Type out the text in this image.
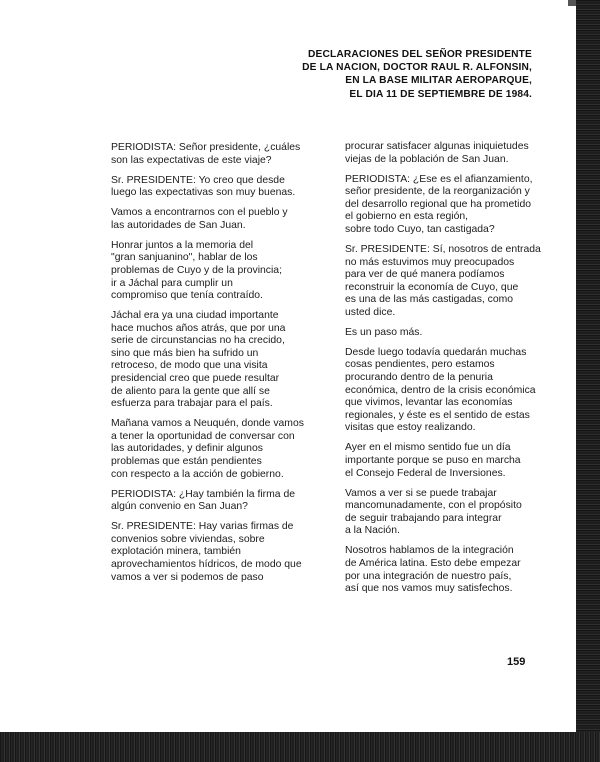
DECLARACIONES DEL SEÑOR PRESIDENTE
DE LA NACION, DOCTOR RAUL R. ALFONSIN,
EN LA BASE MILITAR AEROPARQUE,
EL DIA 11 DE SEPTIEMBRE DE 1984.

PERIODISTA: Señor presidente, ¿cuáles
son las expectativas de este viaje?

Sr. PRESIDENTE: Yo creo que desde
luego las expectativas son muy buenas.

Vamos a encontrarnos con el pueblo y
las autoridades de San Juan.

Honrar juntos a la memoria del
"gran sanjuanino", hablar de los
problemas de Cuyo y de la provincia;
ir a Jáchal para cumplir un
compromiso que tenía contraído.

Jáchal era ya una ciudad importante
hace muchos años atrás, que por una
serie de circunstancias no ha crecido,
sino que más bien ha sufrido un
retroceso, de modo que una visita
presidencial creo que puede resultar
de aliento para la gente que allí se
esfuerza para trabajar para el país.

Mañana vamos a Neuquén, donde vamos
a tener la oportunidad de conversar con
las autoridades, y definir algunos
problemas que están pendientes
con respecto a la acción de gobierno.

PERIODISTA: ¿Hay también la firma de
algún convenio en San Juan?

Sr. PRESIDENTE: Hay varias firmas de
convenios sobre viviendas, sobre
explotación minera, también
aprovechamientos hídricos, de modo que
vamos a ver si podemos de paso

procurar satisfacer algunas iniquietudes
viejas de la población de San Juan.

PERIODISTA: ¿Ese es el afianzamiento,
señor presidente, de la reorganización y
del desarrollo regional que ha prometido
el gobierno en esta región,
sobre todo Cuyo, tan castigada?

Sr. PRESIDENTE: Sí, nosotros de entrada
no más estuvimos muy preocupados
para ver de qué manera podíamos
reconstruir la economía de Cuyo, que
es una de las más castigadas, como
usted dice.

Es un paso más.

Desde luego todavía quedarán muchas
cosas pendientes, pero estamos
procurando dentro de la penuria
económica, dentro de la crisis económica
que vivimos, levantar las economías
regionales, y éste es el sentido de estas
visitas que estoy realizando.

Ayer en el mismo sentido fue un día
importante porque se puso en marcha
el Consejo Federal de Inversiones.

Vamos a ver si se puede trabajar
mancomunadamente, con el propósito
de seguir trabajando para integrar
a la Nación.

Nosotros hablamos de la integración
de América latina. Esto debe empezar
por una integración de nuestro país,
así que nos vamos muy satisfechos.

159
